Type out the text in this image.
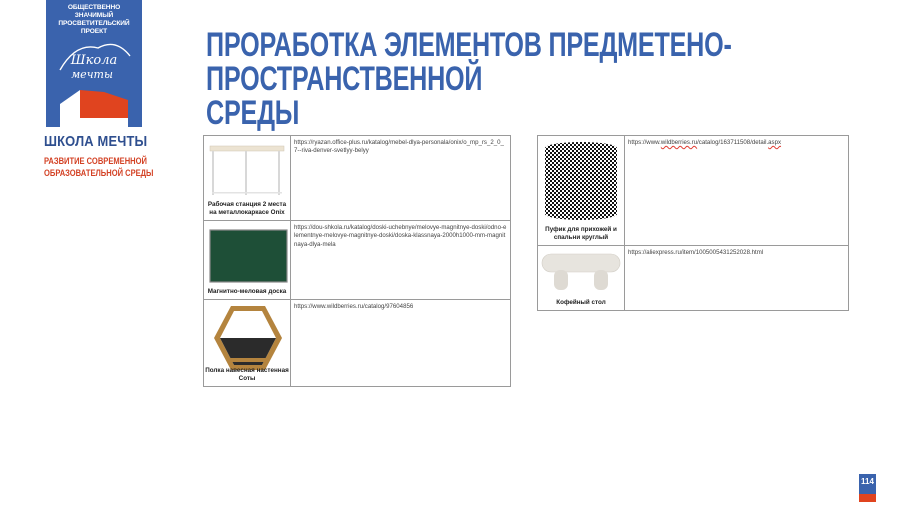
ОБЩЕСТВЕННО ЗНАЧИМЫЙ
ПРОСВЕТИТЕЛЬСКИЙ ПРОЕКТ
Школа
мечты
ШКОЛА МЕЧТЫ
РАЗВИТИЕ СОВРЕМЕННОЙ
ОБРАЗОВАТЕЛЬНОЙ СРЕДЫ
ПРОРАБОТКА ЭЛЕМЕНТОВ ПРЕДМЕТЕНО-ПРОСТРАНСТВЕННОЙ
СРЕДЫ
Рабочая станция 2 места на металлокаркасе Onix	https://ryazan.office-plus.ru/katalog/mebel-dlya-personala/onix/o_mp_rs_2_0_7--riva-denver-svetlyy-belyy

Магнитно-меловая доска	https://dou-shkola.ru/katalog/doski-uchebnye/melovye-magnitnye-doski/odno-elementnye-melovye-magnitnye-doski/doska-klassnaya-2000h1000-mm-magnitnaya-dlya-mela

Полка навесная настенная Соты	https://www.wildberries.ru/catalog/97604856
Пуфик для прихожей и спальни круглый	https://www.wildberries.ru/catalog/163711508/detail.aspx

Кофейный стол	https://aliexpress.ru/item/1005005431252028.html
114
